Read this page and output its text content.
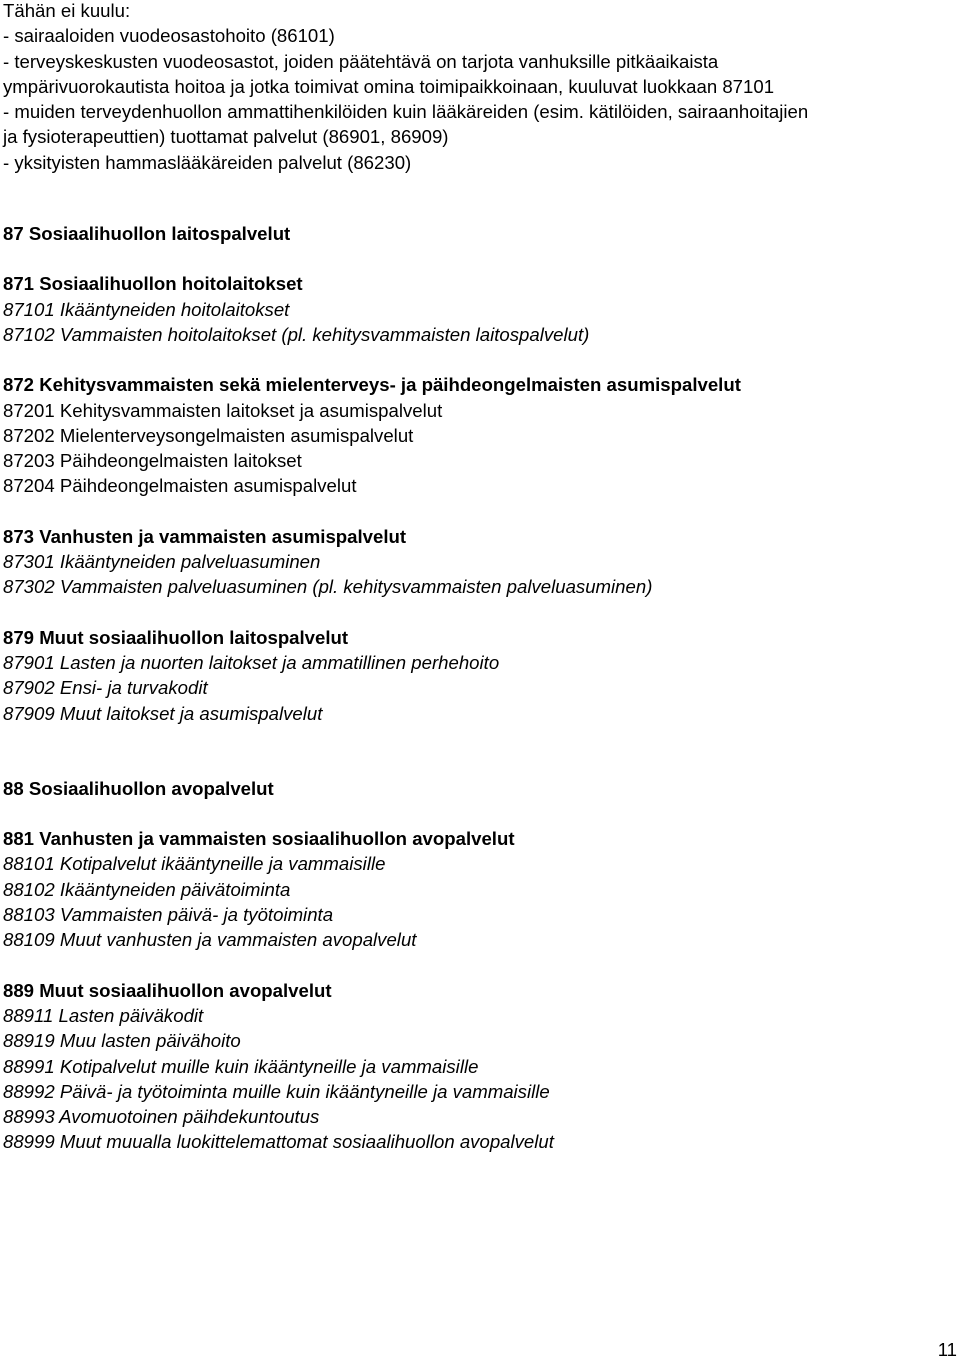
Tähän ei kuulu:
- sairaaloiden vuodeosastohoito (86101)
- terveyskeskusten vuodeosastot, joiden päätehtävä on tarjota vanhuksille pitkäaikaista
ympärivuorokautista hoitoa ja jotka toimivat omina toimipaikkoinaan, kuuluvat luokkaan 87101
- muiden terveydenhuollon ammattihenkilöiden kuin lääkäreiden (esim. kätilöiden, sairaanhoitajien
ja fysioterapeuttien) tuottamat palvelut (86901, 86909)
- yksityisten hammaslääkäreiden palvelut (86230)
87 Sosiaalihuollon laitospalvelut
871 Sosiaalihuollon hoitolaitokset
87101 Ikääntyneiden hoitolaitokset
87102 Vammaisten hoitolaitokset (pl. kehitysvammaisten laitospalvelut)
872 Kehitysvammaisten sekä mielenterveys- ja päihdeongelmaisten asumispalvelut
87201 Kehitysvammaisten laitokset ja asumispalvelut
87202 Mielenterveysongelmaisten asumispalvelut
87203 Päihdeongelmaisten laitokset
87204 Päihdeongelmaisten asumispalvelut
873 Vanhusten ja vammaisten asumispalvelut
87301 Ikääntyneiden palveluasuminen
87302 Vammaisten palveluasuminen (pl. kehitysvammaisten palveluasuminen)
879 Muut sosiaalihuollon laitospalvelut
87901 Lasten ja nuorten laitokset ja ammatillinen perhehoito
87902 Ensi- ja turvakodit
87909 Muut laitokset ja asumispalvelut
88 Sosiaalihuollon avopalvelut
881 Vanhusten ja vammaisten sosiaalihuollon avopalvelut
88101 Kotipalvelut ikääntyneille ja vammaisille
88102 Ikääntyneiden päivätoiminta
88103 Vammaisten päivä- ja työtoiminta
88109 Muut vanhusten ja vammaisten avopalvelut
889 Muut sosiaalihuollon avopalvelut
88911 Lasten päiväkodit
88919 Muu lasten päivähoito
88991 Kotipalvelut muille kuin ikääntyneille ja vammaisille
88992 Päivä- ja työtoiminta muille kuin ikääntyneille ja vammaisille
88993 Avomuotoinen päihdekuntoutus
88999 Muut muualla luokittelemattomat sosiaalihuollon avopalvelut
11
